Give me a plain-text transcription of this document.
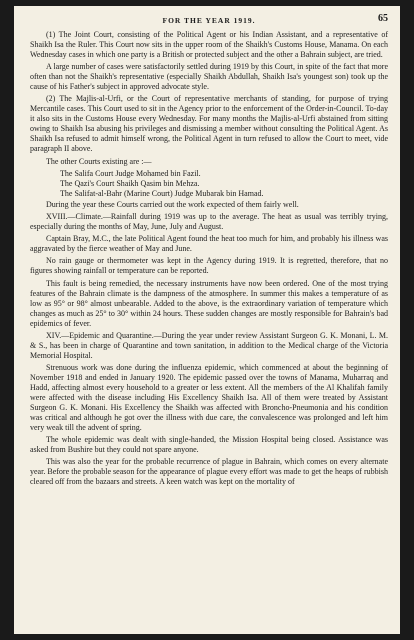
FOR THE YEAR 1919.	65

(1) The Joint Court, consisting of the Political Agent or his Indian Assistant, and a representative of Shaikh Isa the Ruler. This Court now sits in the upper room of the Shaikh's Customs House, Manama. On each Wednesday cases in which one party is a British or protected subject and the other a Bahrain subject, are tried.

A large number of cases were satisfactorily settled during 1919 by this Court, in spite of the fact that more often than not the Shaikh's representative (especially Shaikh Abdullah, Shaikh Isa's youngest son) took up the cause of his Father's subject in approved advocate style.

(2) The Majlis-al-Urfi, or the Court of representative merchants of standing, for purpose of trying Mercantile cases. This Court used to sit in the Agency prior to the enforcement of the Order-in-Council. To-day it also sits in the Customs House every Wednesday. For many months the Majlis-al-Urfi abstained from sitting owing to Shaikh Isa abusing his privileges and dismissing a member without consulting the Political Agent. As Shaikh Isa refused to admit himself wrong, the Political Agent in turn refused to allow the Court to meet, vide paragraph II above.

The other Courts existing are :—

The Salifa Court Judge Mohamed bin Fazil.

The Qazi's Court Shaikh Qasim bin Mehza.

The Salifat-al-Bahr (Marine Court) Judge Mubarak bin Hamad.

During the year these Courts carried out the work expected of them fairly well.

XVIII.—Climate.—Rainfall during 1919 was up to the average. The heat as usual was terribly trying, especially during the months of May, June, July and August.

Captain Bray, M.C., the late Political Agent found the heat too much for him, and probably his illness was aggravated by the fierce weather of May and June.

No rain gauge or thermometer was kept in the Agency during 1919. It is regretted, therefore, that no figures showing rainfall or temperature can be reported.

This fault is being remedied, the necessary instruments have now been ordered. One of the most trying features of the Bahrain climate is the dampness of the atmosphere. In summer this makes a temperature of as low as 95° or 98° almost unbearable. Added to the above, is the extraordinary variation of temperature which changes as much as 25° to 30° within 24 hours. These sudden changes are mostly responsible for Bahrain's bad epidemics of fever.

XIV.—Epidemic and Quarantine.—During the year under review Assistant Surgeon G. K. Monani, L. M. & S., has been in charge of Quarantine and town sanitation, in addition to the Medical charge of the Victoria Memorial Hospital.

Strenuous work was done during the influenza epidemic, which commenced at about the beginning of November 1918 and ended in January 1920. The epidemic passed over the towns of Manama, Muharraq and Hadd, affecting almost every household to a greater or less extent. All the members of the Al Khalifah family were affected with the disease including His Excellency Shaikh Isa. All of them were treated by Assistant Surgeon G. K. Monani. His Excellency the Shaikh was affected with Broncho-Pneumonia and his condition was critical and although he got over the illness with due care, the convalescence was prolonged and left him very weak till the advent of spring.

The whole epidemic was dealt with single-handed, the Mission Hospital being closed. Assistance was asked from Bushire but they could not spare anyone.

This was also the year for the probable recurrence of plague in Bahrain, which comes on every alternate year. Before the probable season for the appearance of plague every effort was made to get the heaps of rubbish cleared off from the bazaars and streets. A keen watch was kept on the mortality of
